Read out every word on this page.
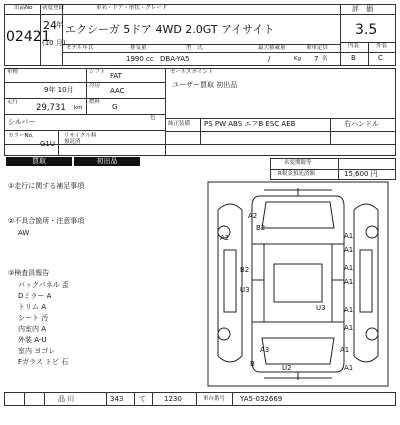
出品No
02421
初度登録
24 年
(10 月)
車名・ドア・形状・グレード
エクシーガ 5ドア 4WD 2.0GT アイサイト
モデル年式	排気量	型　式	最大積載量	乗車定員
1990 cc DBA-YA5	/	Kg 7 名
評　価
3.5
内装	外装
B	C
車検	シフト FAT
9年 10月	冷房
AAC
走行
29,731 km
燃料
G
色
シルバー
カラーNo.
G1U
リサイクル料
預託済
セールスポイント
ユーザー買取 初出品
純正装備 PS PW ABS エアB ESC AEB	右ハンドル
買取	初出品	名変期限等
R税金預託済額	15,600 円
①走行に関する補足事項
②不具合箇所・注意事項
AW
③検査員報告
バックパネル 歪
Dミラー A
トリム A
シート 汚
内室内 A
外装 A-U
室内 ヨゴレ
Fガラス トビ 石
A2
B2
A2	A1
A1
A1
B2
A1
U3
U3	A1
A1
A3	A1
B	U2	A1
品 川	343 て	1230	車台番号 YA5-032669
